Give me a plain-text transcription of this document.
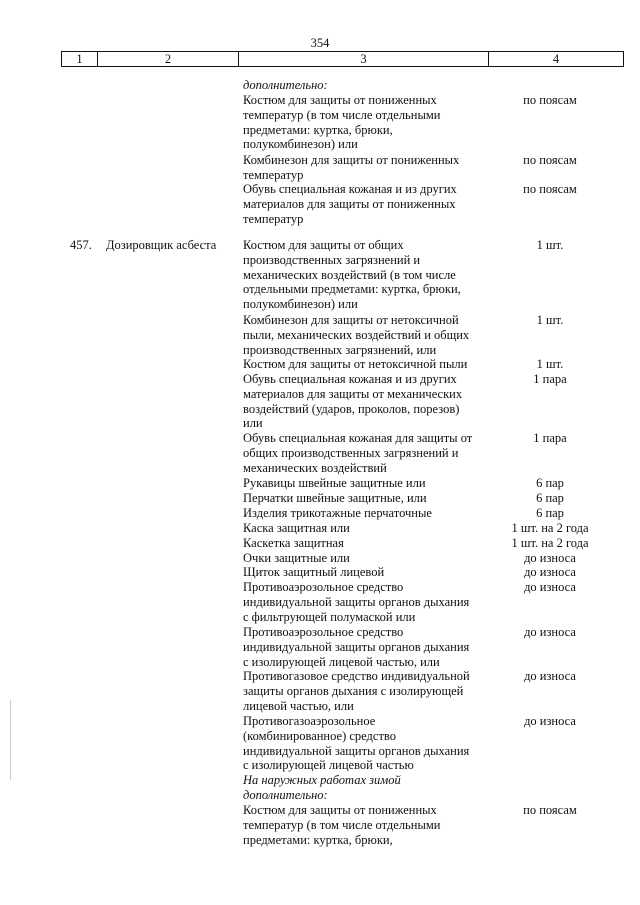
354
1	2	3	4
дополнительно:
Костюм для защиты от пониженных
температур (в том числе отдельными
предметами: куртка, брюки,
полукомбинезон) или
по поясам
Комбинезон для защиты от пониженных
температур
по поясам
Обувь специальная кожаная и из других
материалов для защиты от пониженных
температур
по поясам
457.	Дозировщик асбеста	Костюм для защиты от общих
производственных загрязнений и
механических воздействий (в том числе
отдельными предметами: куртка, брюки,
полукомбинезон) или
1 шт.
Комбинезон для защиты от нетоксичной
пыли, механических воздействий и общих
производственных загрязнений, или
1 шт.
Костюм для защиты от нетоксичной пыли	1 шт.
Обувь специальная кожаная и из других
материалов для защиты от механических
воздействий (ударов, проколов, порезов)
или
1 пара
Обувь специальная кожаная для защиты от
общих производственных загрязнений и
механических воздействий
1 пара
Рукавицы швейные защитные или	6 пар
Перчатки швейные защитные, или	6 пар
Изделия трикотажные перчаточные	6 пар
Каска защитная или	1 шт. на 2 года
Каскетка защитная	1 шт. на 2 года
Очки защитные или	до износа
Щиток защитный лицевой	до износа
Противоаэрозольное средство
индивидуальной защиты органов дыхания
с фильтрующей полумаской или
до износа
Противоаэрозольное средство
индивидуальной защиты органов дыхания
с изолирующей лицевой частью, или
до износа
Противогазовое средство индивидуальной
защиты органов дыхания с изолирующей
лицевой частью, или
до износа
Противогазоаэрозольное
(комбинированное) средство
индивидуальной защиты органов дыхания
с изолирующей лицевой частью
до износа
На наружных работах зимой
дополнительно:
Костюм для защиты от пониженных
температур (в том числе отдельными
предметами: куртка, брюки,
по поясам
